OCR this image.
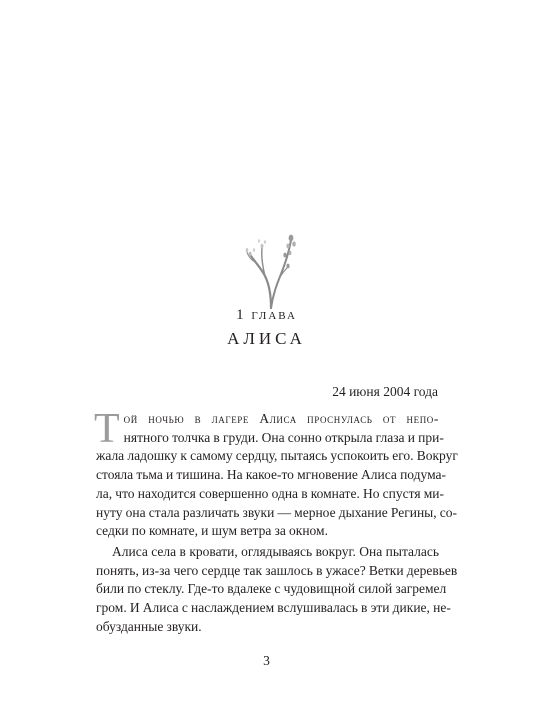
1 глава
АЛИСА
24 июня 2004 года
Т ой ночью в лагере Алиса проснулась от непо-
нятного толчка в груди. Она сонно открыла глаза и при-
жала ладошку к самому сердцу, пытаясь успокоить его. Вокруг
стояла тьма и тишина. На какое-то мгновение Алиса подума-
ла, что находится совершенно одна в комнате. Но спустя ми-
нуту она стала различать звуки — мерное дыхание Регины, со-
седки по комнате, и шум ветра за окном.
Алиса села в кровати, оглядываясь вокруг. Она пыталась
понять, из-за чего сердце так зашлось в ужасе? Ветки деревьев
били по стеклу. Где-то вдалеке с чудовищной силой загремел
гром. И Алиса с наслаждением вслушивалась в эти дикие, не-
обузданные звуки.
3
